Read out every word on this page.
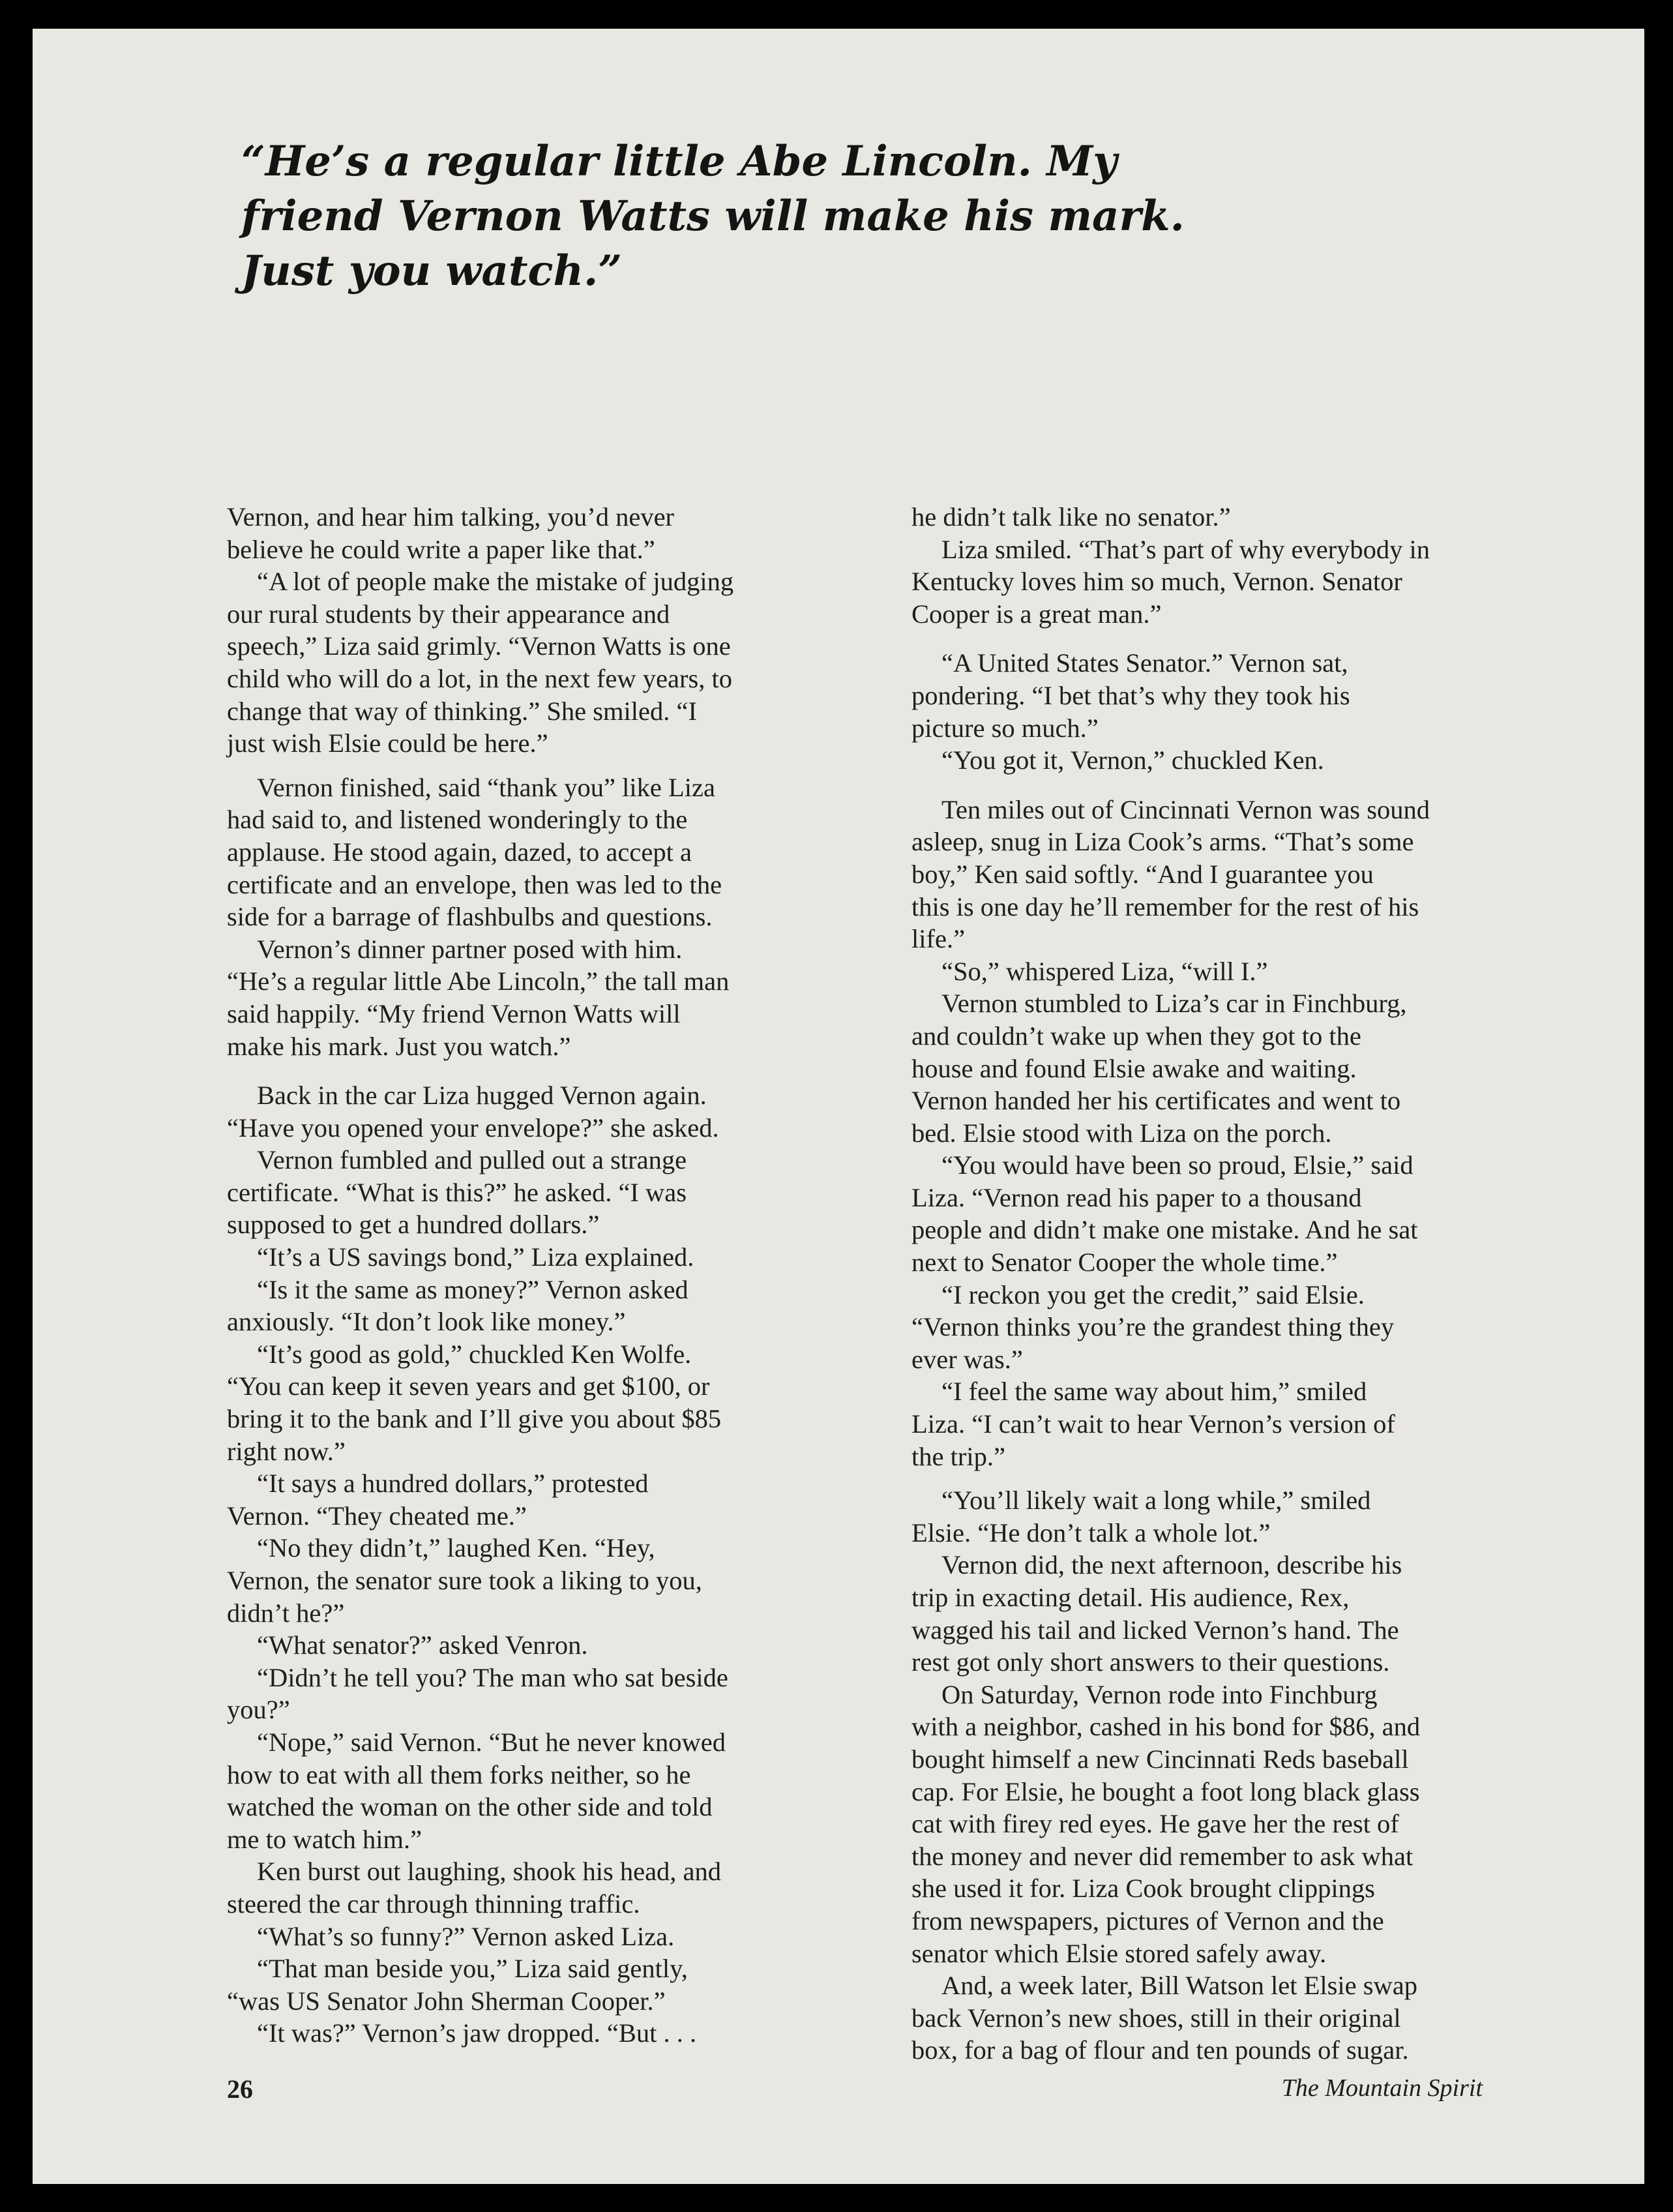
“He’s a regular little Abe Lincoln. My
friend Vernon Watts will make his mark.
Just you watch.”

Vernon, and hear him talking, you’d never

believe he could write a paper like that.”

“A lot of people make the mistake of judging

our rural students by their appearance and

speech,” Liza said grimly. “Vernon Watts is one

child who will do a lot, in the next few years, to

change that way of thinking.” She smiled. “I

just wish Elsie could be here.”

Vernon finished, said “thank you” like Liza

had said to, and listened wonderingly to the

applause. He stood again, dazed, to accept a

certificate and an envelope, then was led to the

side for a barrage of flashbulbs and questions.

Vernon’s dinner partner posed with him.

“He’s a regular little Abe Lincoln,” the tall man

said happily. “My friend Vernon Watts will

make his mark. Just you watch.”

Back in the car Liza hugged Vernon again.

“Have you opened your envelope?” she asked.

Vernon fumbled and pulled out a strange

certificate. “What is this?” he asked. “I was

supposed to get a hundred dollars.”

“It’s a US savings bond,” Liza explained.

“Is it the same as money?” Vernon asked

anxiously. “It don’t look like money.”

“It’s good as gold,” chuckled Ken Wolfe.

“You can keep it seven years and get $100, or

bring it to the bank and I’ll give you about $85

right now.”

“It says a hundred dollars,” protested

Vernon. “They cheated me.”

“No they didn’t,” laughed Ken. “Hey,

Vernon, the senator sure took a liking to you,

didn’t he?”

“What senator?” asked Venron.

“Didn’t he tell you? The man who sat beside

you?”

“Nope,” said Vernon. “But he never knowed

how to eat with all them forks neither, so he

watched the woman on the other side and told

me to watch him.”

Ken burst out laughing, shook his head, and

steered the car through thinning traffic.

“What’s so funny?” Vernon asked Liza.

“That man beside you,” Liza said gently,

“was US Senator John Sherman Cooper.”

“It was?” Vernon’s jaw dropped. “But . . .

he didn’t talk like no senator.”

Liza smiled. “That’s part of why everybody in

Kentucky loves him so much, Vernon. Senator

Cooper is a great man.”

“A United States Senator.” Vernon sat,

pondering. “I bet that’s why they took his

picture so much.”

“You got it, Vernon,” chuckled Ken.

Ten miles out of Cincinnati Vernon was sound

asleep, snug in Liza Cook’s arms. “That’s some

boy,” Ken said softly. “And I guarantee you

this is one day he’ll remember for the rest of his

life.”

“So,” whispered Liza, “will I.”

Vernon stumbled to Liza’s car in Finchburg,

and couldn’t wake up when they got to the

house and found Elsie awake and waiting.

Vernon handed her his certificates and went to

bed. Elsie stood with Liza on the porch.

“You would have been so proud, Elsie,” said

Liza. “Vernon read his paper to a thousand

people and didn’t make one mistake. And he sat

next to Senator Cooper the whole time.”

“I reckon you get the credit,” said Elsie.

“Vernon thinks you’re the grandest thing they

ever was.”

“I feel the same way about him,” smiled

Liza. “I can’t wait to hear Vernon’s version of

the trip.”

“You’ll likely wait a long while,” smiled

Elsie. “He don’t talk a whole lot.”

Vernon did, the next afternoon, describe his

trip in exacting detail. His audience, Rex,

wagged his tail and licked Vernon’s hand. The

rest got only short answers to their questions.

On Saturday, Vernon rode into Finchburg

with a neighbor, cashed in his bond for $86, and

bought himself a new Cincinnati Reds baseball

cap. For Elsie, he bought a foot long black glass

cat with firey red eyes. He gave her the rest of

the money and never did remember to ask what

she used it for. Liza Cook brought clippings

from newspapers, pictures of Vernon and the

senator which Elsie stored safely away.

And, a week later, Bill Watson let Elsie swap

back Vernon’s new shoes, still in their original

box, for a bag of flour and ten pounds of sugar.

26	The Mountain Spirit
